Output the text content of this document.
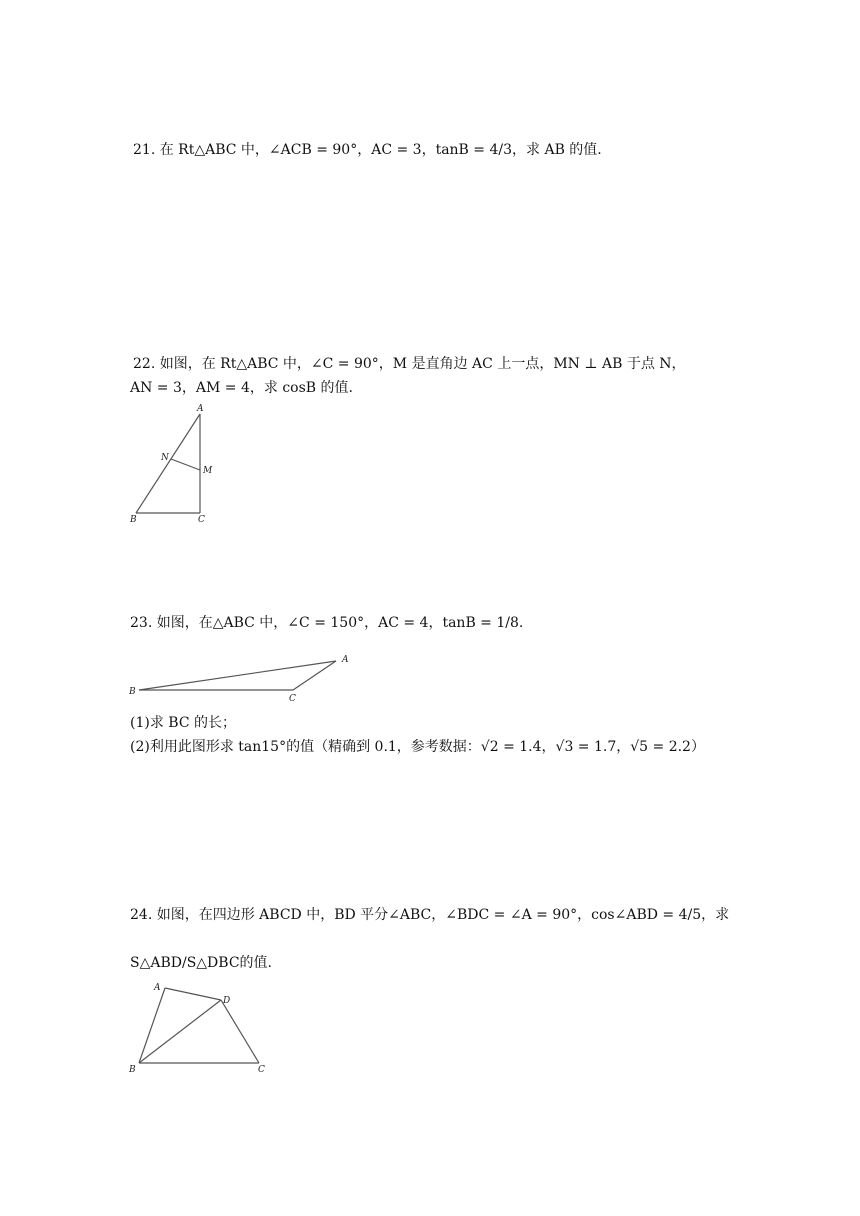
21. 在 Rt△ABC 中，∠ACB = 90°，AC = 3，tanB = 4/3，求 AB 的值.
22. 如图，在 Rt△ABC 中，∠C = 90°，M 是直角边 AC 上一点，MN ⊥ AB 于点 N，
AN = 3，AM = 4，求 cosB 的值.
A
N
M
B	C
23. 如图，在△ABC 中，∠C = 150°，AC = 4，tanB = 1/8.
A
B
C
(1)求 BC 的长；
(2)利用此图形求 tan15°的值（精确到 0.1，参考数据：√2 = 1.4，√3 = 1.7，√5 = 2.2）
24. 如图，在四边形 ABCD 中，BD 平分∠ABC，∠BDC = ∠A = 90°，cos∠ABD = 4/5，求
S△ABD/S△DBC的值.
A
D
B	C
